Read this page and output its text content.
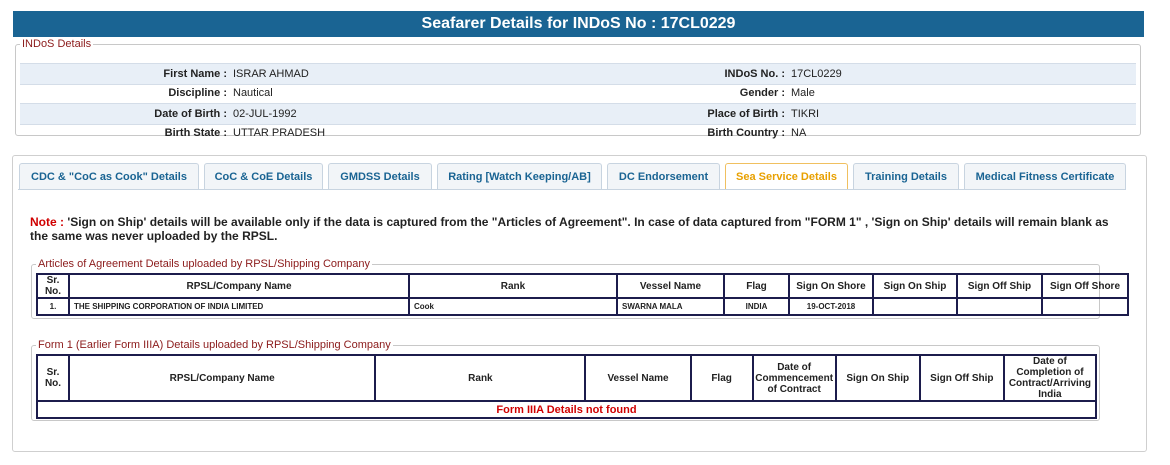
Seafarer Details for INDoS No : 17CL0229
INDoS Details
First Name : ISRAR AHMAD	INDoS No. : 17CL0229
Discipline : Nautical	Gender : Male
Date of Birth : 02-JUL-1992	Place of Birth : TIKRI
Birth State : UTTAR PRADESH	Birth Country : NA
CDC & "CoC as Cook" Details	CoC & CoE Details	GMDSS Details	Rating [Watch Keeping/AB]	DC Endorsement	Sea Service Details	Training Details	Medical Fitness Certificate
Note : 'Sign on Ship' details will be available only if the data is captured from the "Articles of Agreement". In case of data captured from "FORM 1" , 'Sign on Ship' details will remain blank as the same was never uploaded by the RPSL.
Articles of Agreement Details uploaded by RPSL/Shipping Company
Sr. No.	RPSL/Company Name	Rank	Vessel Name	Flag	Sign On Shore	Sign On Ship	Sign Off Ship	Sign Off Shore
1.	THE SHIPPING CORPORATION OF INDIA LIMITED	Cook	SWARNA MALA	INDIA	19-OCT-2018			
Form 1 (Earlier Form IIIA) Details uploaded by RPSL/Shipping Company
Sr. No.	RPSL/Company Name	Rank	Vessel Name	Flag	Date of Commencement of Contract	Sign On Ship	Sign Off Ship	Date of Completion of Contract/Arriving India
Form IIIA Details not found
